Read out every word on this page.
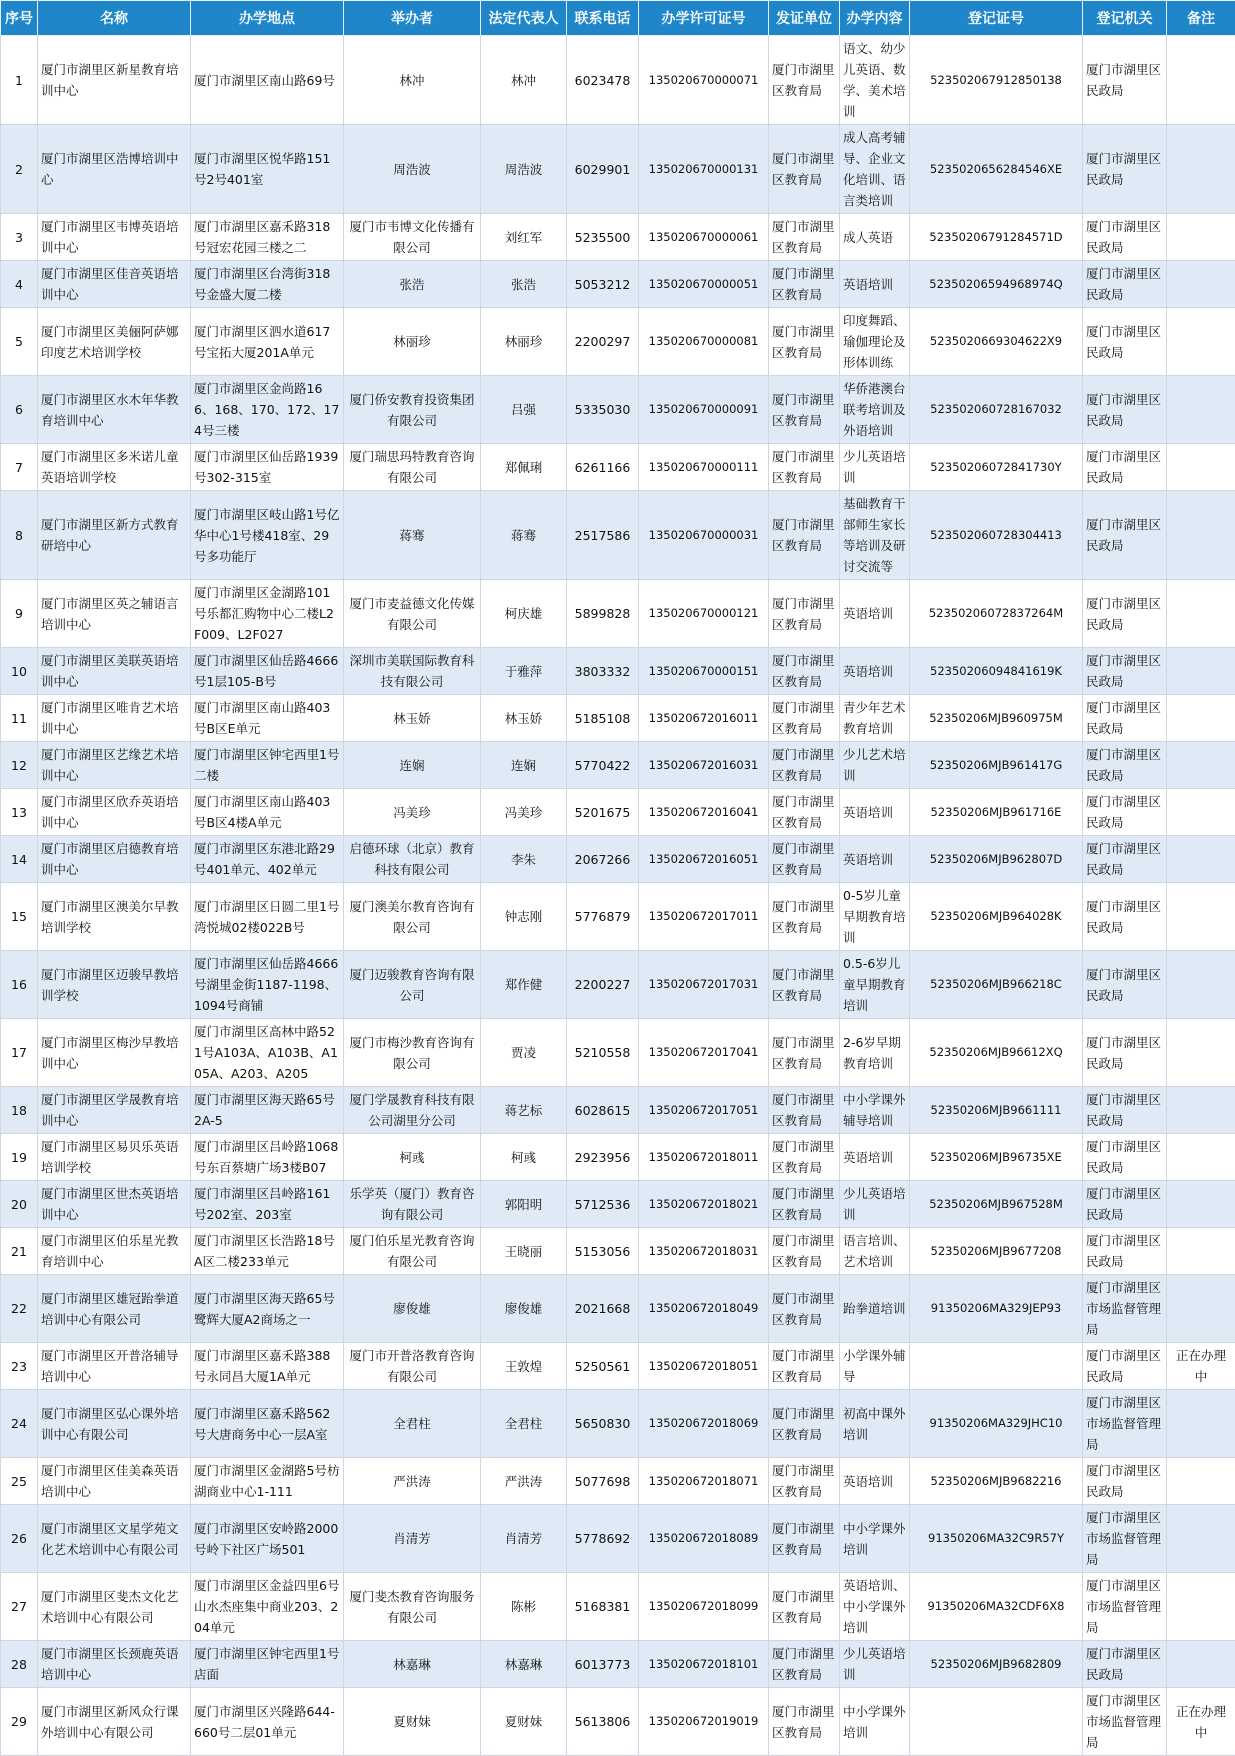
序号	名称	办学地点	举办者	法定代表人	联系电话	办学许可证号	发证单位	办学内容	登记证号	登记机关	备注
1	厦门市湖里区新星教育培训中心	厦门市湖里区南山路69号	林冲	林冲	6023478	135020670000071	厦门市湖里区教育局	语文、幼少儿英语、数学、美术培训	52350206791285013​8	厦门市湖里区民政局	
2	厦门市湖里区浩博培训中心	厦门市湖里区悦华路151号2号401室	周浩波	周浩波	6029901	135020670000131	厦门市湖里区教育局	成人高考辅导、企业文化培训、语言类培训	52350206562845​46XE	厦门市湖里区民政局	
3	厦门市湖里区韦博英语培训中心	厦门市湖里区嘉禾路318号冠宏花园三楼之二	厦门市韦博文化传播有限公司	刘红军	5235500	135020670000061	厦门市湖里区教育局	成人英语	5235020679128457​1D	厦门市湖里区民政局	
4	厦门市湖里区佳音英语培训中心	厦门市湖里区台湾街318号金盛大厦二楼	张浩	张浩	5053212	135020670000051	厦门市湖里区教育局	英语培训	5235020659496897​4Q	厦门市湖里区民政局	
5	厦门市湖里区美俪阿萨娜印度艺术培训学校	厦门市湖里区泗水道617号宝拓大厦201A单元	林丽珍	林丽珍	2200297	135020670000081	厦门市湖里区教育局	印度舞蹈、瑜伽理论及形体训练	5235020669304622​X9	厦门市湖里区民政局	
6	厦门市湖里区水木年华教育培训中心	厦门市湖里区金尚路166、168、170、172、174号三楼	厦门侨安教育投资集团有限公司	吕强	5335030	135020670000091	厦门市湖里区教育局	华侨港澳台联考培训及外语培训	5235020607281670​32	厦门市湖里区民政局	
7	厦门市湖里区多米诺儿童英语培训学校	厦门市湖里区仙岳路1939号302-315室	厦门瑞思玛特教育咨询有限公司	郑佩琍	6261166	135020670000111	厦门市湖里区教育局	少儿英语培训	5235020607284173​0Y	厦门市湖里区民政局	
8	厦门市湖里区新方式教育研培中心	厦门市湖里区岐山路1号亿华中心1号楼418室、29号多功能厅	蒋骞	蒋骞	2517586	135020670000031	厦门市湖里区教育局	基础教育干部师生家长等培训及研讨交流等	5235020607283044​13	厦门市湖里区民政局	
9	厦门市湖里区英之辅语言培训中心	厦门市湖里区金湖路101号乐都汇购物中心二楼L2F009、L2F027	厦门市麦益德文化传媒有限公司	柯庆雄	5899828	135020670000121	厦门市湖里区教育局	英语培训	5235020607283726​4M	厦门市湖里区民政局	
10	厦门市湖里区美联英语培训中心	厦门市湖里区仙岳路4666号1层105-B号	深圳市美联国际教育科技有限公司	于雅萍	3803332	135020670000151	厦门市湖里区教育局	英语培训	5235020609484161​9K	厦门市湖里区民政局	
11	厦门市湖里区唯肯艺术培训中心	厦门市湖里区南山路403号B区E单元	林玉娇	林玉娇	5185108	135020672016011	厦门市湖里区教育局	青少年艺术教育培训	52350206MJB96097​5M	厦门市湖里区民政局	
12	厦门市湖里区艺缘艺术培训中心	厦门市湖里区钟宅西里1号二楼	连娴	连娴	5770422	135020672016031	厦门市湖里区教育局	少儿艺术培训	52350206MJB96141​7G	厦门市湖里区民政局	
13	厦门市湖里区欣乔英语培训中心	厦门市湖里区南山路403号B区4楼A单元	冯美珍	冯美珍	5201675	135020672016041	厦门市湖里区教育局	英语培训	52350206MJB96171​6E	厦门市湖里区民政局	
14	厦门市湖里区启德教育培训中心	厦门市湖里区东港北路29号401单元、402单元	启德环球（北京）教育科技有限公司	李朱	2067266	135020672016051	厦门市湖里区教育局	英语培训	52350206MJB96280​7D	厦门市湖里区民政局	
15	厦门市湖里区澳美尔早教培训学校	厦门市湖里区日圆二里1号湾悦城02楼022B号	厦门澳美尔教育咨询有限公司	钟志刚	5776879	135020672017011	厦门市湖里区教育局	0-5岁儿童早期教育培训	52350206MJB96402​8K	厦门市湖里区民政局	
16	厦门市湖里区迈骏早教培训学校	厦门市湖里区仙岳路4666号湖里金街1187-1198、1094号商铺	厦门迈骏教育咨询有限公司	郑作健	2200227	135020672017031	厦门市湖里区教育局	0.5-6岁儿童早期教育培训	52350206MJB96621​8C	厦门市湖里区民政局	
17	厦门市湖里区梅沙早教培训中心	厦门市湖里区高林中路521号A103A、A103B、A105A、A203、A205	厦门市梅沙教育咨询有限公司	贾凌	5210558	135020672017041	厦门市湖里区教育局	2-6岁早期教育培训	52350206MJB96612​XQ	厦门市湖里区民政局	
18	厦门市湖里区学晟教育培训中心	厦门市湖里区海天路65号2A-5	厦门学晟教育科技有限公司湖里分公司	蒋艺标	6028615	135020672017051	厦门市湖里区教育局	中小学课外辅导培训	52350206MJB96611​11	厦门市湖里区民政局	
19	厦门市湖里区易贝乐英语培训学校	厦门市湖里区吕岭路1068号东百蔡塘广场3楼B07	柯彧	柯彧	2923956	135020672018011	厦门市湖里区教育局	英语培训	52350206MJB96735​XE	厦门市湖里区民政局	
20	厦门市湖里区世杰英语培训中心	厦门市湖里区吕岭路161号202室、203室	乐学英（厦门）教育咨询有限公司	郭阳明	5712536	135020672018021	厦门市湖里区教育局	少儿英语培训	52350206MJB96752​8M	厦门市湖里区民政局	
21	厦门市湖里区伯乐星光教育培训中心	厦门市湖里区长浩路18号A区二楼233单元	厦门伯乐星光教育咨询有限公司	王晓丽	5153056	135020672018031	厦门市湖里区教育局	语言培训、艺术培训	52350206MJB96772​08	厦门市湖里区民政局	
22	厦门市湖里区雄冠跆拳道培训中心有限公司	厦门市湖里区海天路65号鹭辉大厦A2商场之一	廖俊雄	廖俊雄	2021668	135020672018049	厦门市湖里区教育局	跆拳道培训	91350206MA329JEP​93	厦门市湖里区市场监督管理局	
23	厦门市湖里区开普洛辅导培训中心	厦门市湖里区嘉禾路388号永同昌大厦1A单元	厦门市开普洛教育咨询有限公司	王敦煌	5250561	135020672018051	厦门市湖里区教育局	小学课外辅导		厦门市湖里区民政局	正在办理中
24	厦门市湖里区弘心课外培训中心有限公司	厦门市湖里区嘉禾路562号大唐商务中心一层A室	全君柱	全君柱	5650830	135020672018069	厦门市湖里区教育局	初高中课外培训	91350206MA329JHC​10	厦门市湖里区市场监督管理局	
25	厦门市湖里区佳美森英语培训中心	厦门市湖里区金湖路5号枋湖商业中心1-111	严洪涛	严洪涛	5077698	135020672018071	厦门市湖里区教育局	英语培训	52350206MJB96822​16	厦门市湖里区民政局	
26	厦门市湖里区文星学苑文化艺术培训中心有限公司	厦门市湖里区安岭路2000号岭下社区广场501	肖清芳	肖清芳	5778692	135020672018089	厦门市湖里区教育局	中小学课外培训	91350206MA32C9R5​7Y	厦门市湖里区市场监督管理局	
27	厦门市湖里区斐杰文化艺术培训中心有限公司	厦门市湖里区金益四里6号山水杰座集中商业203、204单元	厦门斐杰教育咨询服务有限公司	陈彬	5168381	135020672018099	厦门市湖里区教育局	英语培训、中小学课外培训	91350206MA32CDF6​X8	厦门市湖里区市场监督管理局	
28	厦门市湖里区长颈鹿英语培训中心	厦门市湖里区钟宅西里1号店面	林嘉琳	林嘉琳	6013773	135020672018101	厦门市湖里区教育局	少儿英语培训	52350206MJB96828​09	厦门市湖里区民政局	
29	厦门市湖里区新风众行课外培训中心有限公司	厦门市湖里区兴隆路644-660号二层01单元	夏财妹	夏财妹	5613806	135020672019019	厦门市湖里区教育局	中小学课外培训		厦门市湖里区市场监督管理局	正在办理中
